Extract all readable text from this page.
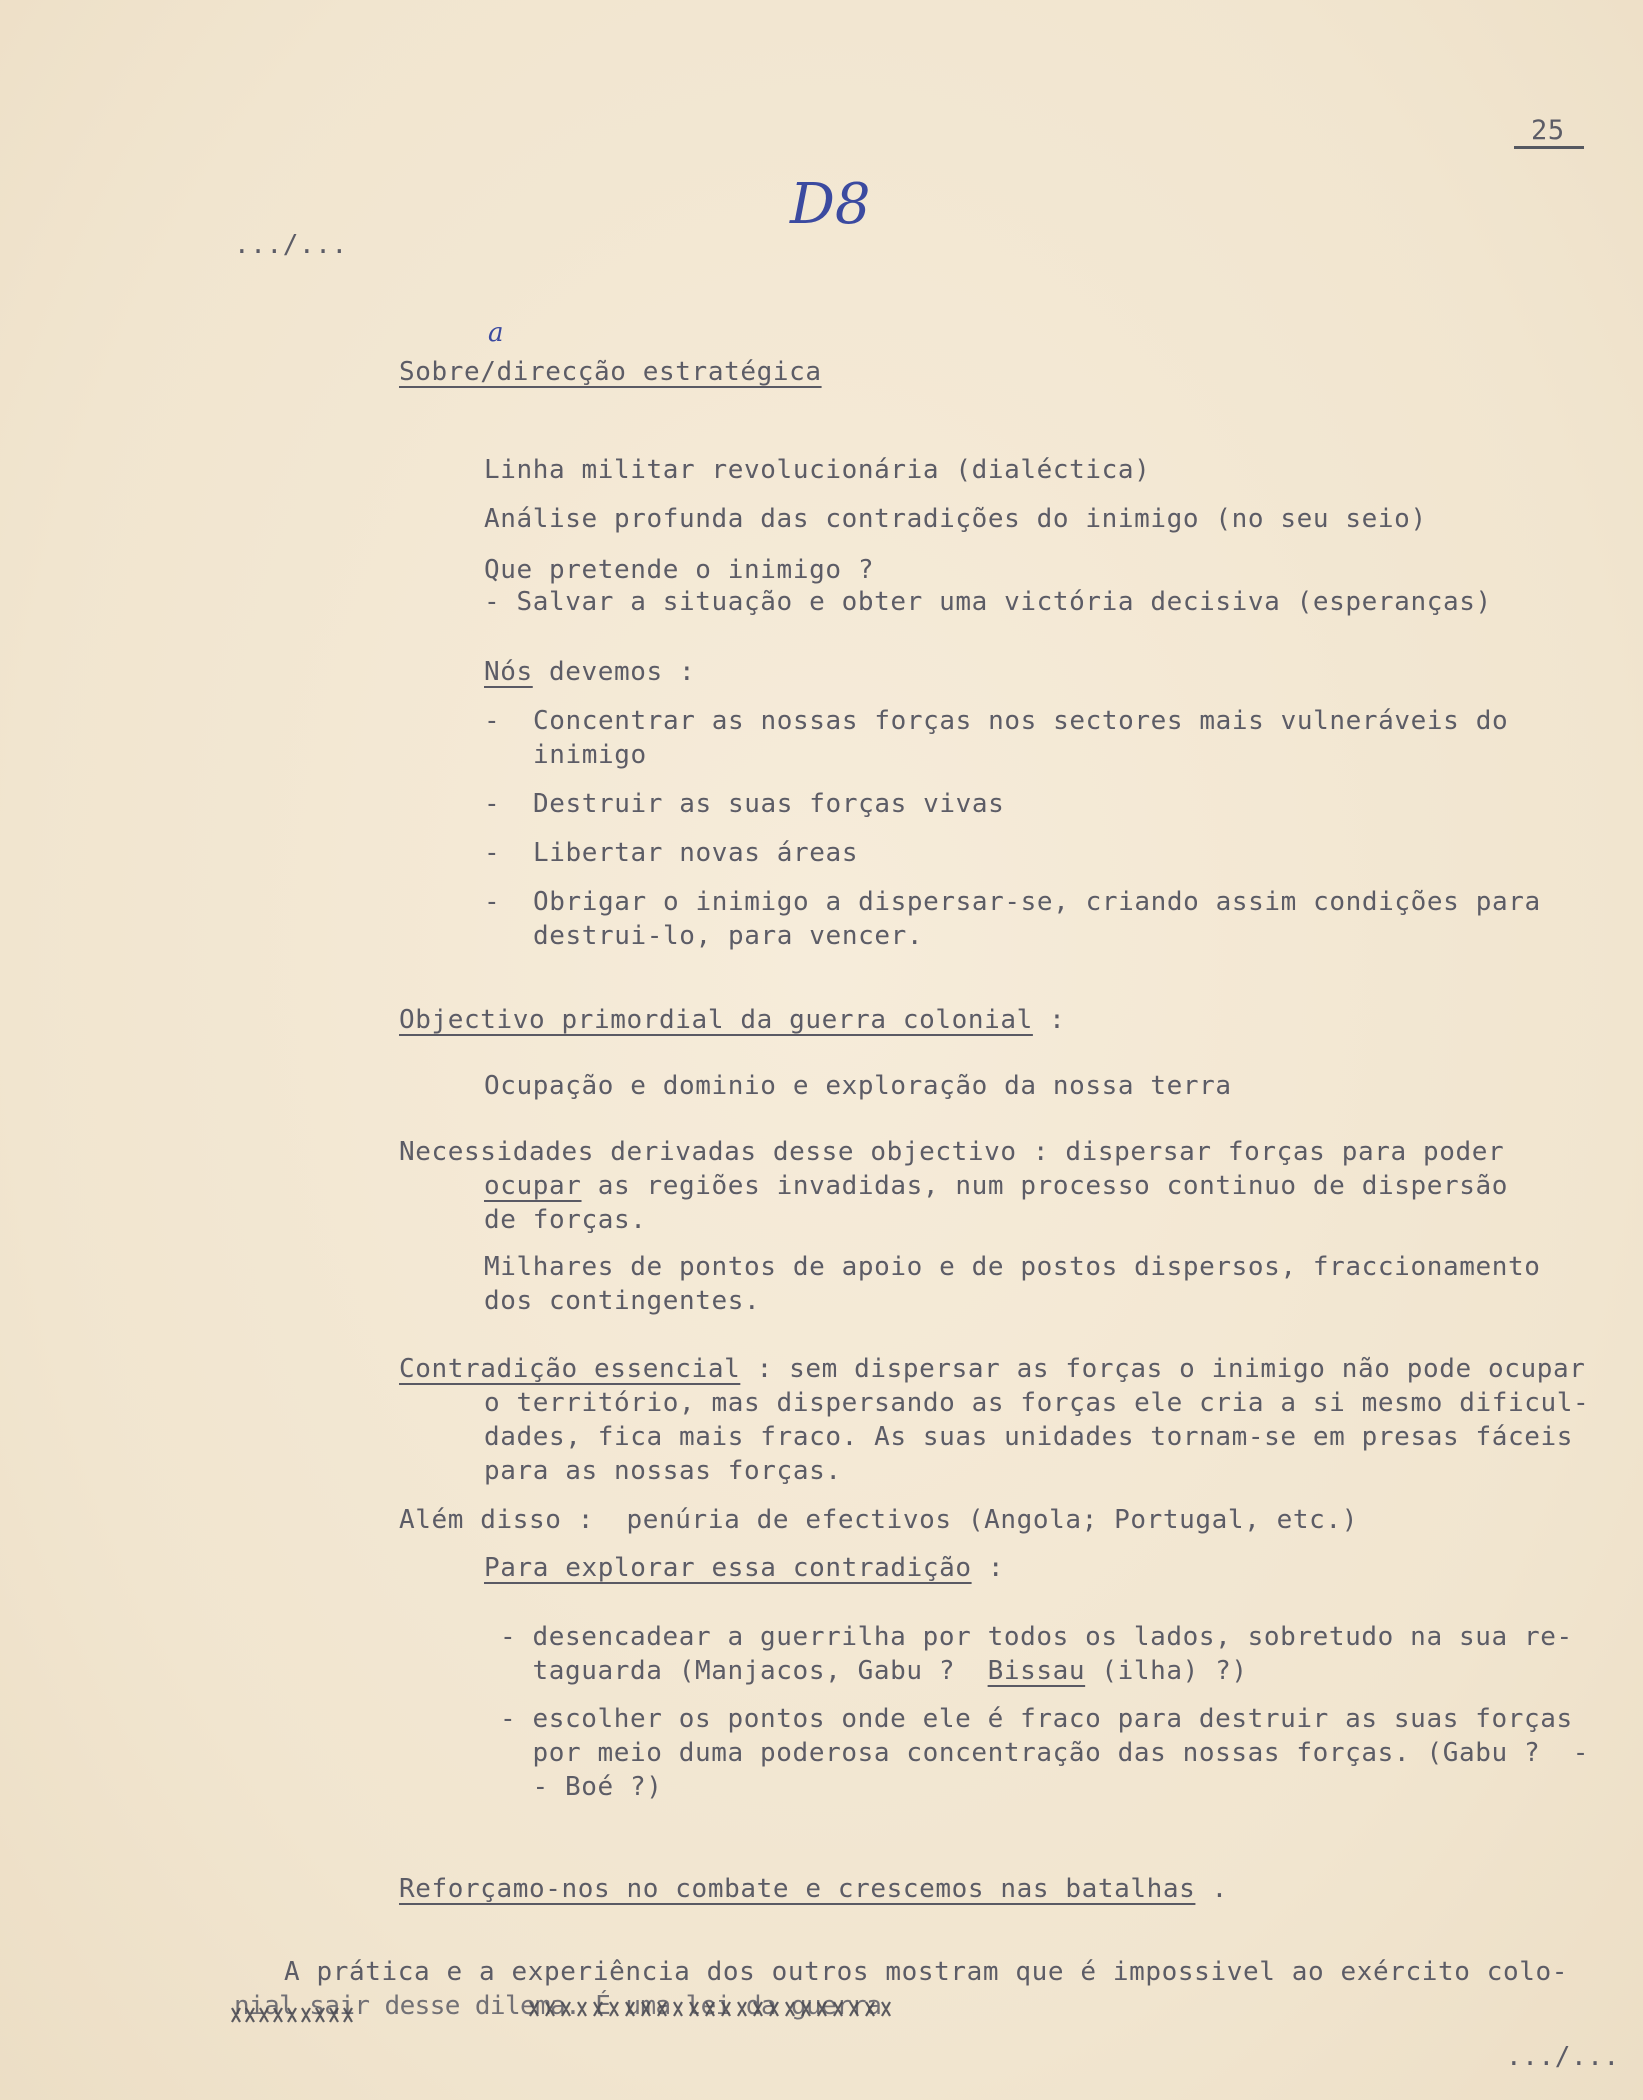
25
.../...
D8
a
Sobre/direcção estratégica
Linha militar revolucionária (dialéctica)
Análise profunda das contradições do inimigo (no seu seio)
Que pretende o inimigo ?
- Salvar a situação e obter uma victória decisiva (esperanças)
Nós devemos :
- Concentrar as nossas forças nos sectores mais vulneráveis do
inimigo
- Destruir as suas forças vivas
- Libertar novas áreas
- Obrigar o inimigo a dispersar-se, criando assim condições para
destrui-lo, para vencer.
Objectivo primordial da guerra colonial :
Ocupação e dominio e exploração da nossa terra
Necessidades derivadas desse objectivo : dispersar forças para poder
ocupar as regiões invadidas, num processo continuo de dispersão
de forças.
Milhares de pontos de apoio e de postos dispersos, fraccionamento
dos contingentes.
Contradição essencial : sem dispersar as forças o inimigo não pode ocupar
o território, mas dispersando as forças ele cria a si mesmo dificul-
dades, fica mais fraco. As suas unidades tornam-se em presas fáceis
para as nossas forças.
Além disso :  penúria de efectivos (Angola; Portugal, etc.)
Para explorar essa contradição :
- desencadear a guerrilha por todos os lados, sobretudo na sua re-
taguarda (Manjacos, Gabu ?  Bissau (ilha) ?)
- escolher os pontos onde ele é fraco para destruir as suas forças
por meio duma poderosa concentração das nossas forças. (Gabu ?  -
- Boé ?)
Reforçamo-nos no combate e crescemos nas batalhas .
A prática e a experiência dos outros mostram que é impossivel ao exército colo-
nial sair desse dilema. É uma lei da guerra
.../...
